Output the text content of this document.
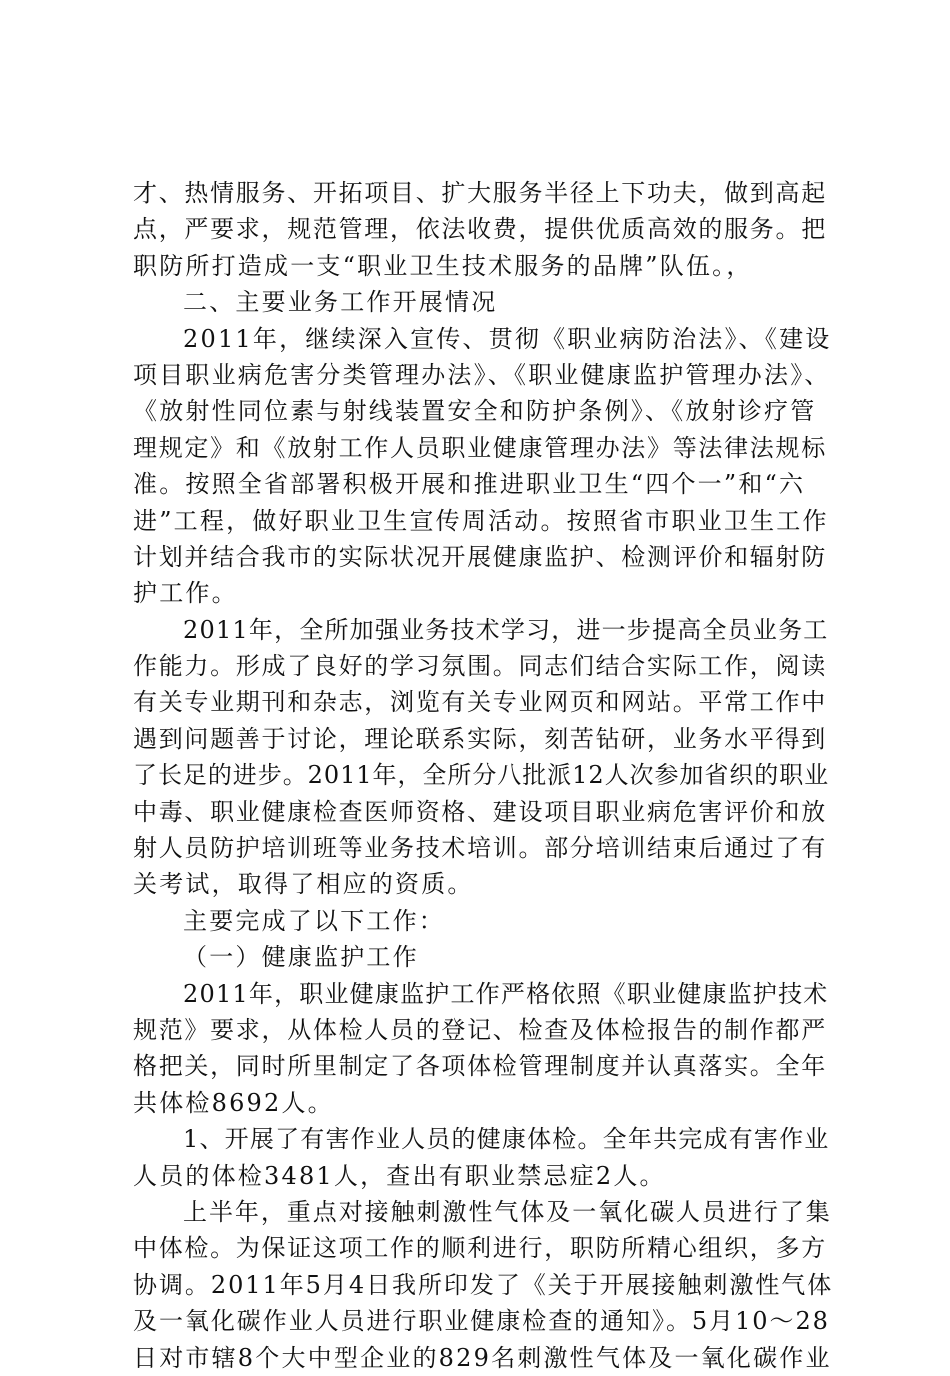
才、热情服务、开拓项目、扩大服务半径上下功夫，做到高起
点，严要求，规范管理，依法收费，提供优质高效的服务。把
职防所打造成一支“职业卫生技术服务的品牌”队伍。，
二、主要业务工作开展情况
2011年，继续深入宣传、贯彻《职业病防治法》、《建设
项目职业病危害分类管理办法》、《职业健康监护管理办法》、
《放射性同位素与射线装置安全和防护条例》、《放射诊疗管
理规定》和《放射工作人员职业健康管理办法》等法律法规标
准。按照全省部署积极开展和推进职业卫生“四个一”和“六
进”工程，做好职业卫生宣传周活动。按照省市职业卫生工作
计划并结合我市的实际状况开展健康监护、检测评价和辐射防
护工作。
2011年，全所加强业务技术学习，进一步提高全员业务工
作能力。形成了良好的学习氛围。同志们结合实际工作，阅读
有关专业期刊和杂志，浏览有关专业网页和网站。平常工作中
遇到问题善于讨论，理论联系实际，刻苦钻研，业务水平得到
了长足的进步。2011年，全所分八批派12人次参加省织的职业
中毒、职业健康检查医师资格、建设项目职业病危害评价和放
射人员防护培训班等业务技术培训。部分培训结束后通过了有
关考试，取得了相应的资质。
主要完成了以下工作：
（一）健康监护工作
2011年，职业健康监护工作严格依照《职业健康监护技术
规范》要求，从体检人员的登记、检查及体检报告的制作都严
格把关，同时所里制定了各项体检管理制度并认真落实。全年
共体检8692人。
1、开展了有害作业人员的健康体检。全年共完成有害作业
人员的体检3481人，查出有职业禁忌症2人。
上半年，重点对接触刺激性气体及一氧化碳人员进行了集
中体检。为保证这项工作的顺利进行，职防所精心组织，多方
协调。2011年5月4日我所印发了《关于开展接触刺激性气体
及一氧化碳作业人员进行职业健康检查的通知》。5月10～28
日对市辖8个大中型企业的829名刺激性气体及一氧化碳作业
